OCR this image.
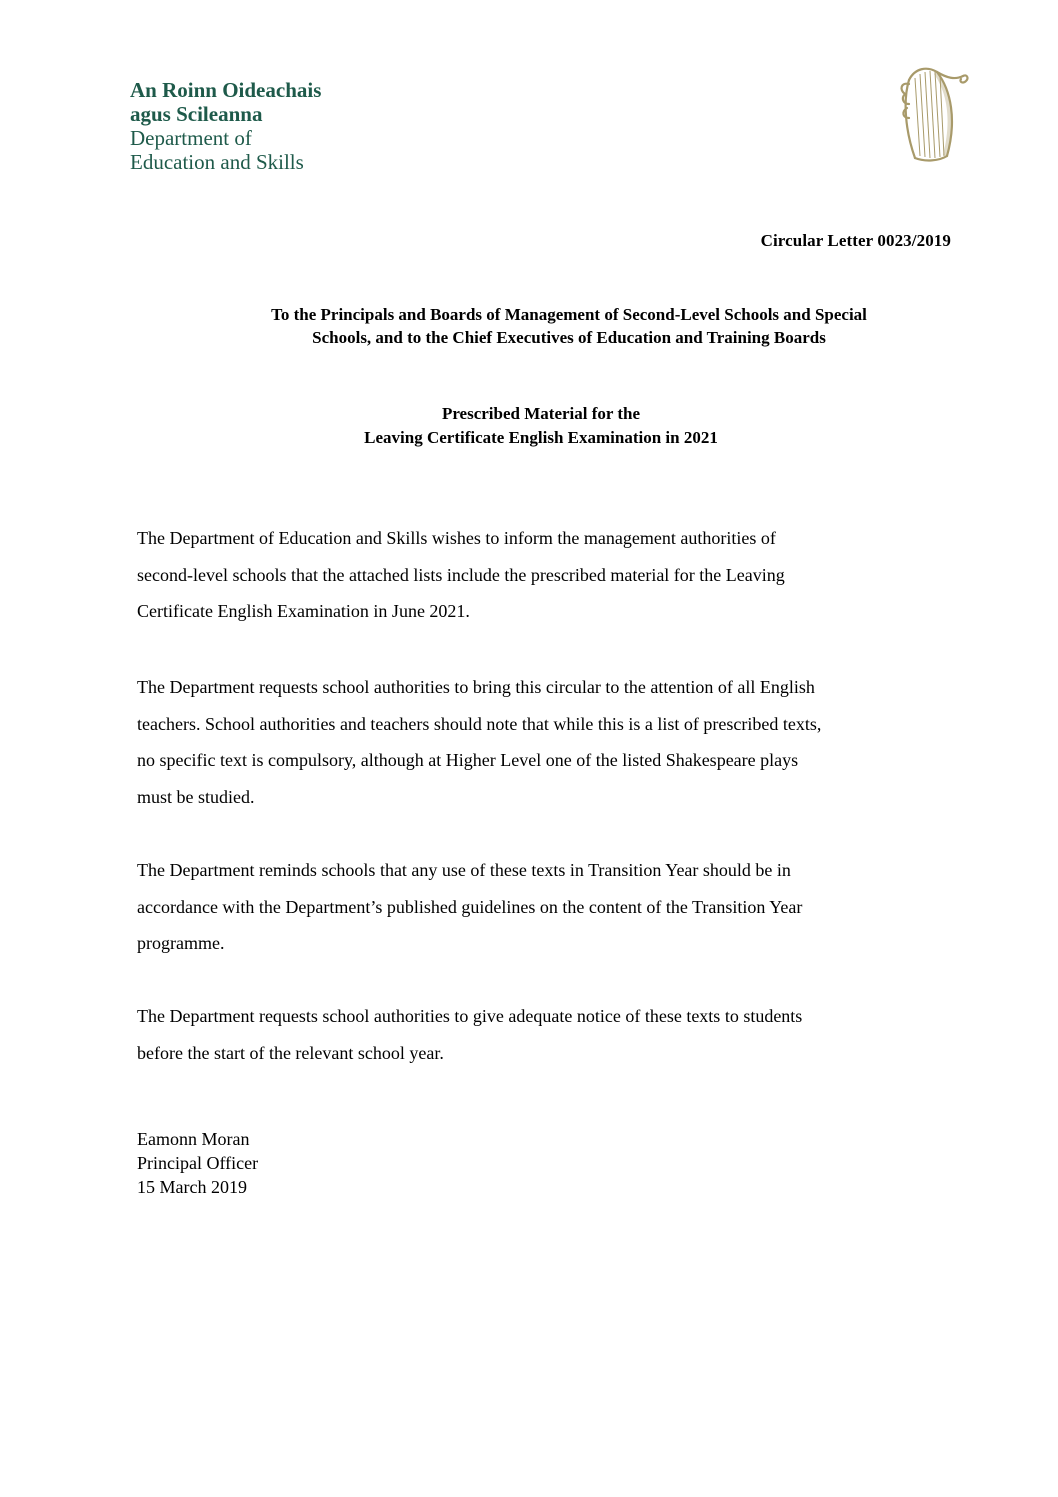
An Roinn Oideachais
agus Scileanna
Department of
Education and Skills
Circular Letter 0023/2019
To the Principals and Boards of Management of Second-Level Schools and Special
Schools, and to the Chief Executives of Education and Training Boards
Prescribed Material for the
Leaving Certificate English Examination in 2021
The Department of Education and Skills wishes to inform the management authorities of
second-level schools that the attached lists include the prescribed material for the Leaving
Certificate English Examination in June 2021.
The Department requests school authorities to bring this circular to the attention of all English
teachers. School authorities and teachers should note that while this is a list of prescribed texts,
no specific text is compulsory, although at Higher Level one of the listed Shakespeare plays
must be studied.
The Department reminds schools that any use of these texts in Transition Year should be in
accordance with the Department’s published guidelines on the content of the Transition Year
programme.
The Department requests school authorities to give adequate notice of these texts to students
before the start of the relevant school year.
Eamonn Moran
Principal Officer
15 March 2019
